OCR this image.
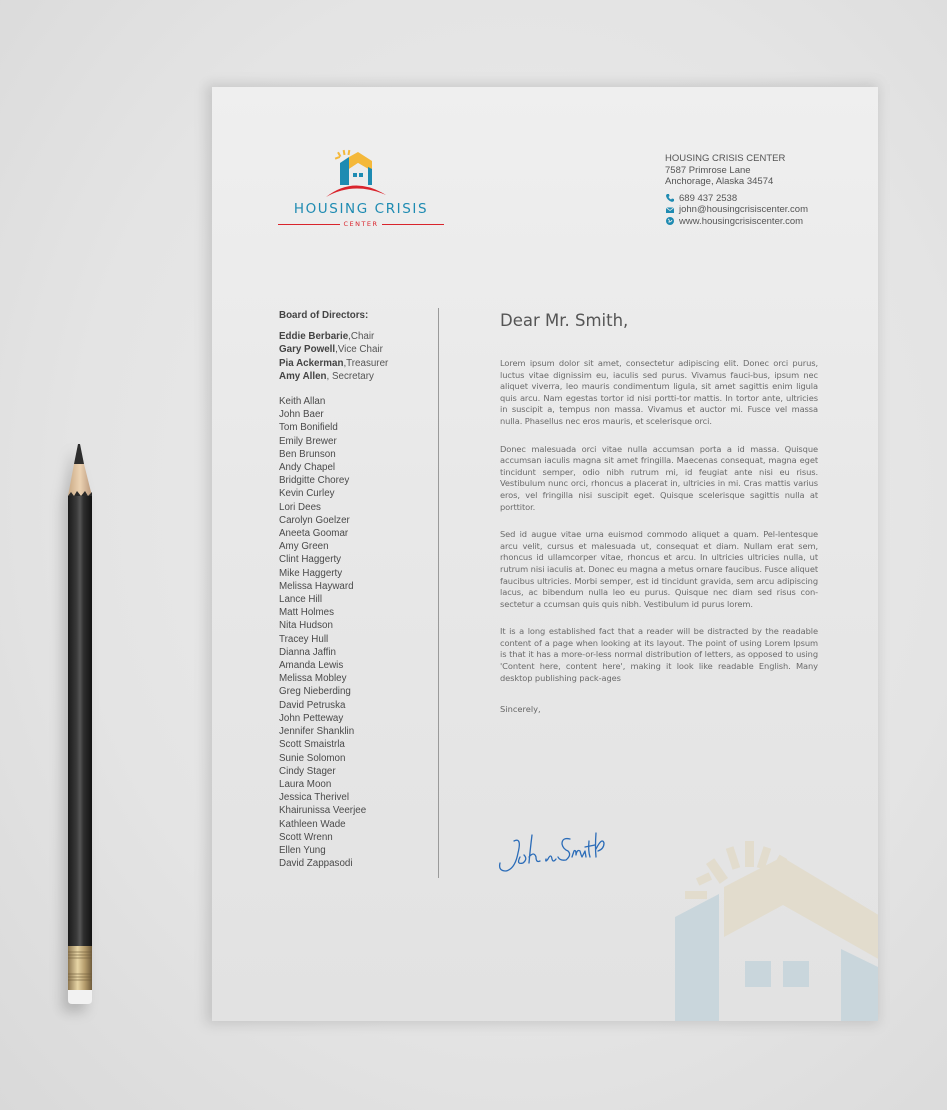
HOUSING CRISIS
CENTER
HOUSING CRISIS CENTER
7587 Primrose Lane
Anchorage, Alaska 34574
689 437 2538
john@housingcrisiscenter.com
www.housingcrisiscenter.com
Board of Directors:
Eddie Berbarie,Chair
Gary Powell,Vice Chair
Pia Ackerman,Treasurer
Amy Allen, Secretary
Keith Allan
John Baer
Tom Bonifield
Emily Brewer
Ben Brunson
Andy Chapel
Bridgitte Chorey
Kevin Curley
Lori Dees
Carolyn Goelzer
Aneeta Goomar
Amy Green
Clint Haggerty
Mike Haggerty
Melissa Hayward
Lance Hill
Matt Holmes
Nita Hudson
Tracey Hull
Dianna Jaffin
Amanda Lewis
Melissa Mobley
Greg Nieberding
David Petruska
John Petteway
Jennifer Shanklin
Scott Smaistrla
Sunie Solomon
Cindy Stager
Laura Moon
Jessica Therivel
Khairunissa Veerjee
Kathleen Wade
Scott Wrenn
Ellen Yung
David Zappasodi
Dear Mr. Smith,

Lorem ipsum dolor sit amet, consectetur adipiscing elit. Donec orci purus, luctus vitae dignissim eu, iaculis sed purus. Vivamus fauci-bus, ipsum nec aliquet viverra, leo mauris condimentum ligula, sit amet sagittis enim ligula quis arcu. Nam egestas tortor id nisi portti-tor mattis. In tortor ante, ultricies in suscipit a, tempus non massa. Vivamus et auctor mi. Fusce vel massa nulla. Phasellus nec eros mauris, et scelerisque orci.

Donec malesuada orci vitae nulla accumsan porta a id massa. Quisque accumsan iaculis magna sit amet fringilla. Maecenas consequat, magna eget tincidunt semper, odio nibh rutrum mi, id feugiat ante nisi eu risus. Vestibulum nunc orci, rhoncus a placerat in, ultricies in mi. Cras mattis varius eros, vel fringilla nisi suscipit eget. Quisque scelerisque sagittis nulla at porttitor.

Sed id augue vitae urna euismod commodo aliquet a quam. Pel-lentesque arcu velit, cursus et malesuada ut, consequat et diam. Nullam erat sem, rhoncus id ullamcorper vitae, rhoncus et arcu. In ultricies ultricies nulla, ut rutrum nisi iaculis at. Donec eu magna a metus ornare faucibus. Fusce aliquet faucibus ultricies. Morbi semper, est id tincidunt gravida, sem arcu adipiscing lacus, ac bibendum nulla leo eu purus. Quisque nec diam sed risus con-sectetur a ccumsan quis quis nibh. Vestibulum id purus lorem.

It is a long established fact that a reader will be distracted by the readable content of a page when looking at its layout. The point of using Lorem Ipsum is that it has a more-or-less normal distribution of letters, as opposed to using 'Content here, content here', making it look like readable English. Many desktop publishing pack-ages

Sincerely,
John Smith
